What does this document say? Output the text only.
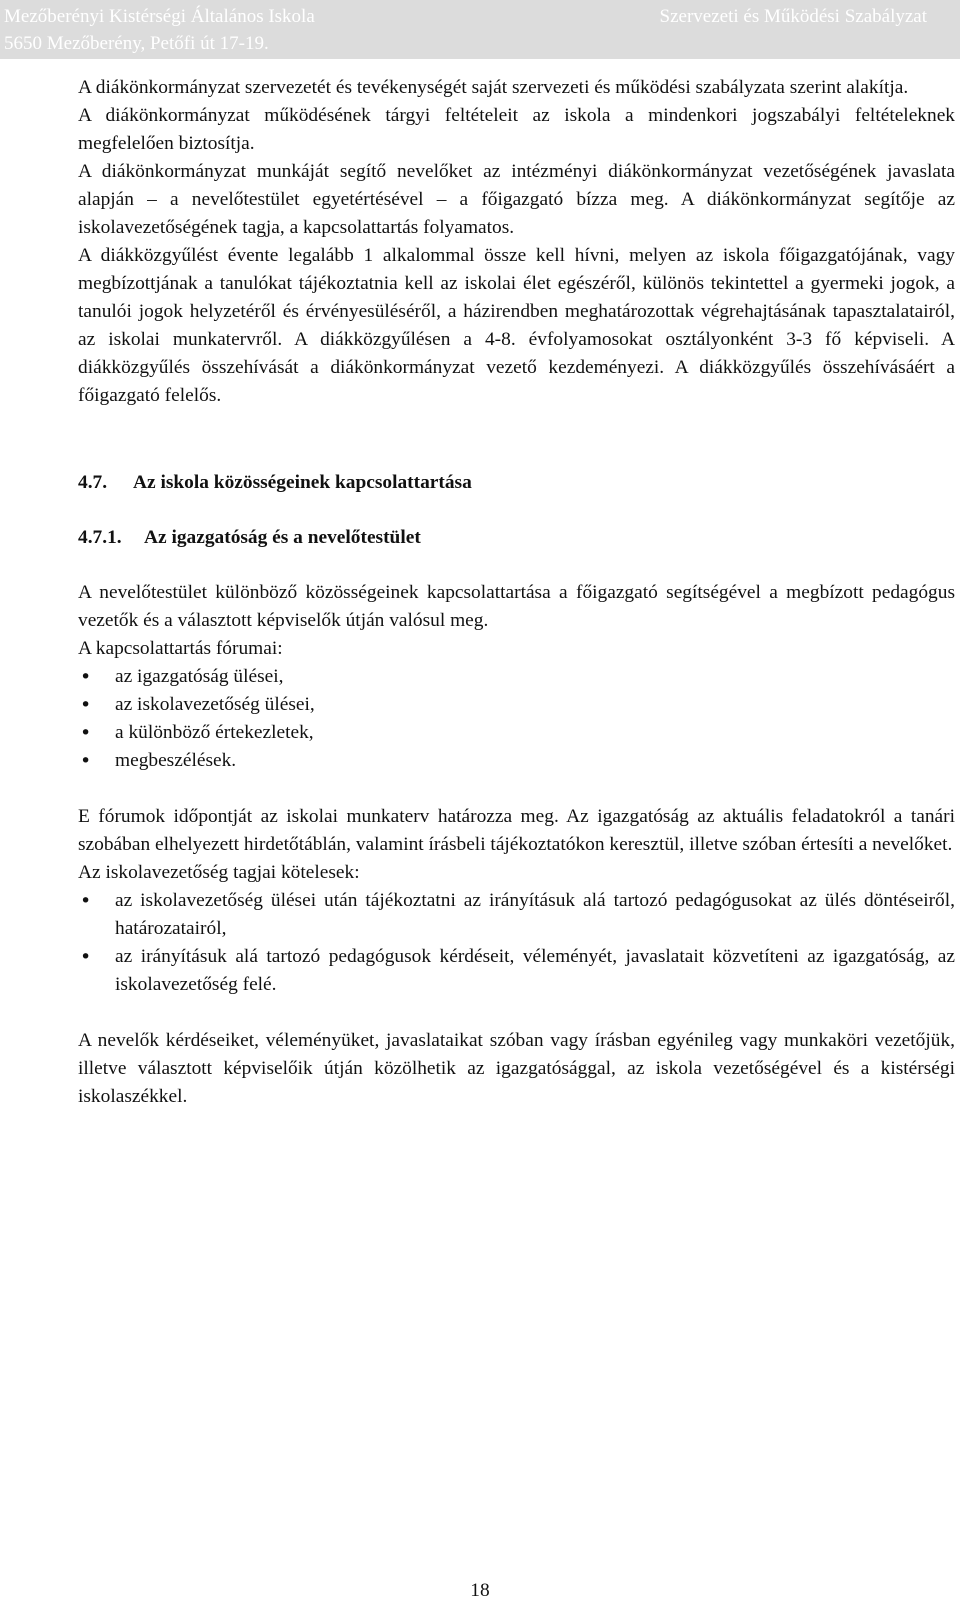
Mezőberényi Kistérségi Általános Iskola
5650 Mezőberény, Petőfi út 17-19.
Szervezeti és Működési Szabályzat

A diákönkormányzat szervezetét és tevékenységét saját szervezeti és működési szabályzata szerint alakítja.

A diákönkormányzat működésének tárgyi feltételeit az iskola a mindenkori jogszabályi feltételeknek megfelelően biztosítja.

A diákönkormányzat munkáját segítő nevelőket az intézményi diákönkormányzat vezetőségének javaslata alapján – a nevelőtestület egyetértésével – a főigazgató bízza meg. A diákönkormányzat segítője az iskolavezetőségének tagja, a kapcsolattartás folyamatos.

A diákközgyűlést évente legalább 1 alkalommal össze kell hívni, melyen az iskola főigazgatójának, vagy megbízottjának a tanulókat tájékoztatnia kell az iskolai élet egészéről, különös tekintettel a gyermeki jogok, a tanulói jogok helyzetéről és érvényesüléséről, a házirendben meghatározottak végrehajtásának tapasztalatairól, az iskolai munkatervről. A diákközgyűlésen a 4-8. évfolyamosokat osztályonként 3-3 fő képviseli. A diákközgyűlés összehívását a diákönkormányzat vezető kezdeményezi. A diákközgyűlés összehívásáért a főigazgató felelős.

4.7. Az iskola közösségeinek kapcsolattartása

4.7.1. Az igazgatóság és a nevelőtestület

A nevelőtestület különböző közösségeinek kapcsolattartása a főigazgató segítségével a megbízott pedagógus vezetők és a választott képviselők útján valósul meg.

A kapcsolattartás fórumai:

• az igazgatóság ülései,
• az iskolavezetőség ülései,
• a különböző értekezletek,
• megbeszélések.

E fórumok időpontját az iskolai munkaterv határozza meg. Az igazgatóság az aktuális feladatokról a tanári szobában elhelyezett hirdetőtáblán, valamint írásbeli tájékoztatókon keresztül, illetve szóban értesíti a nevelőket.

Az iskolavezetőség tagjai kötelesek:

• az iskolavezetőség ülései után tájékoztatni az irányításuk alá tartozó pedagógusokat az ülés döntéseiről, határozatairól,
• az irányításuk alá tartozó pedagógusok kérdéseit, véleményét, javaslatait közvetíteni az igazgatóság, az iskolavezetőség felé.

A nevelők kérdéseiket, véleményüket, javaslataikat szóban vagy írásban egyénileg vagy munkaköri vezetőjük, illetve választott képviselőik útján közölhetik az igazgatósággal, az iskola vezetőségével és a kistérségi iskolaszékkel.

18
